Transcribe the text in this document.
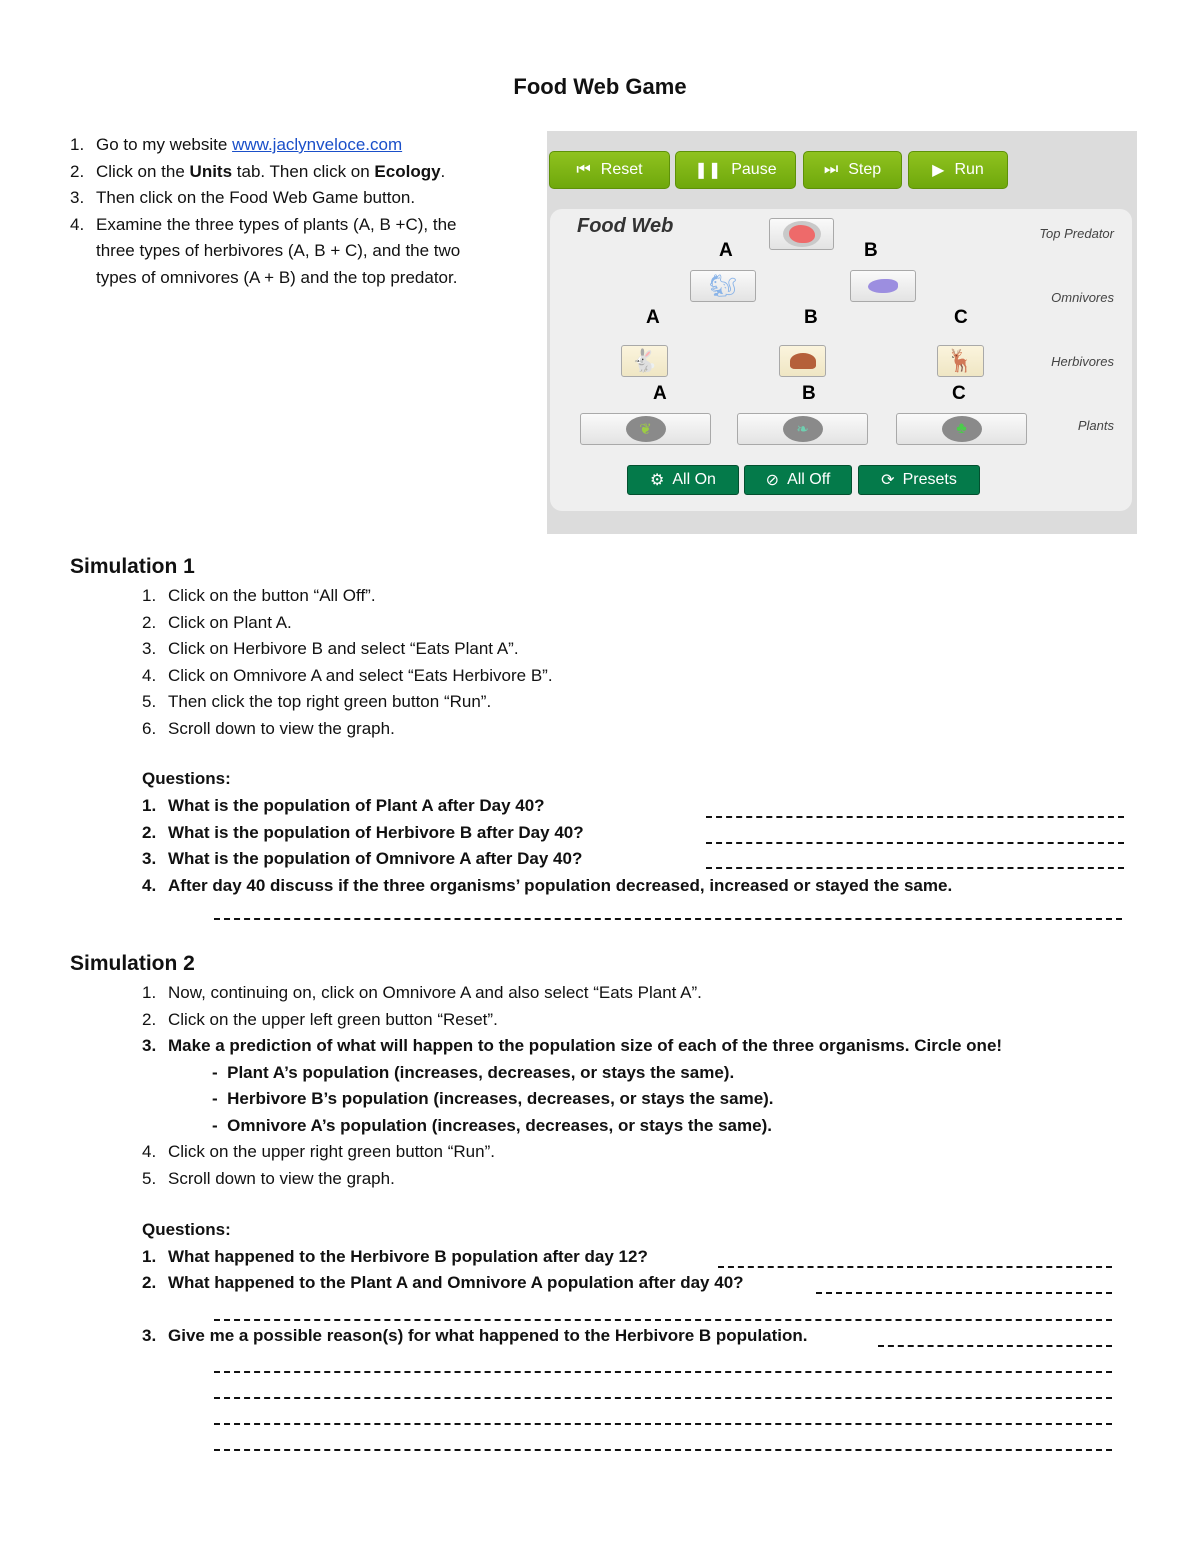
Food Web Game
1. Go to my website www.jaclynveloce.com
2. Click on the Units tab. Then click on Ecology.
3. Then click on the Food Web Game button.
4. Examine the three types of plants (A, B +C), the
three types of herbivores (A, B + C), and the two
types of omnivores (A + B) and the top predator.
⏮ Reset	❚❚ Pause	⏭ Step	▶ Run
Food Web	Top Predator
Omnivores
Herbivores
Plants
A	B
🐿
A	B	C
🐇	🦌
A	B	C
❦	❧	♣
⚙ All On	⊘ All Off	⟳ Presets
Simulation 1
1. Click on the button “All Off”.
2. Click on Plant A.
3. Click on Herbivore B and select “Eats Plant A”.
4. Click on Omnivore A and select “Eats Herbivore B”.
5. Then click the top right green button “Run”.
6. Scroll down to view the graph.
Questions:
1. What is the population of Plant A after Day 40?
2. What is the population of Herbivore B after Day 40?
3. What is the population of Omnivore A after Day 40?
4. After day 40 discuss if the three organisms’ population decreased, increased or stayed the same.
Simulation 2
1. Now, continuing on, click on Omnivore A and also select “Eats Plant A”.
2. Click on the upper left green button “Reset”.
3. Make a prediction of what will happen to the population size of each of the three organisms. Circle one!
-  Plant A’s population (increases, decreases, or stays the same).
-  Herbivore B’s population (increases, decreases, or stays the same).
-  Omnivore A’s population (increases, decreases, or stays the same).
4. Click on the upper right green button “Run”.
5. Scroll down to view the graph.
Questions:
1. What happened to the Herbivore B population after day 12?
2. What happened to the Plant A and Omnivore A population after day 40?
3. Give me a possible reason(s) for what happened to the Herbivore B population.
